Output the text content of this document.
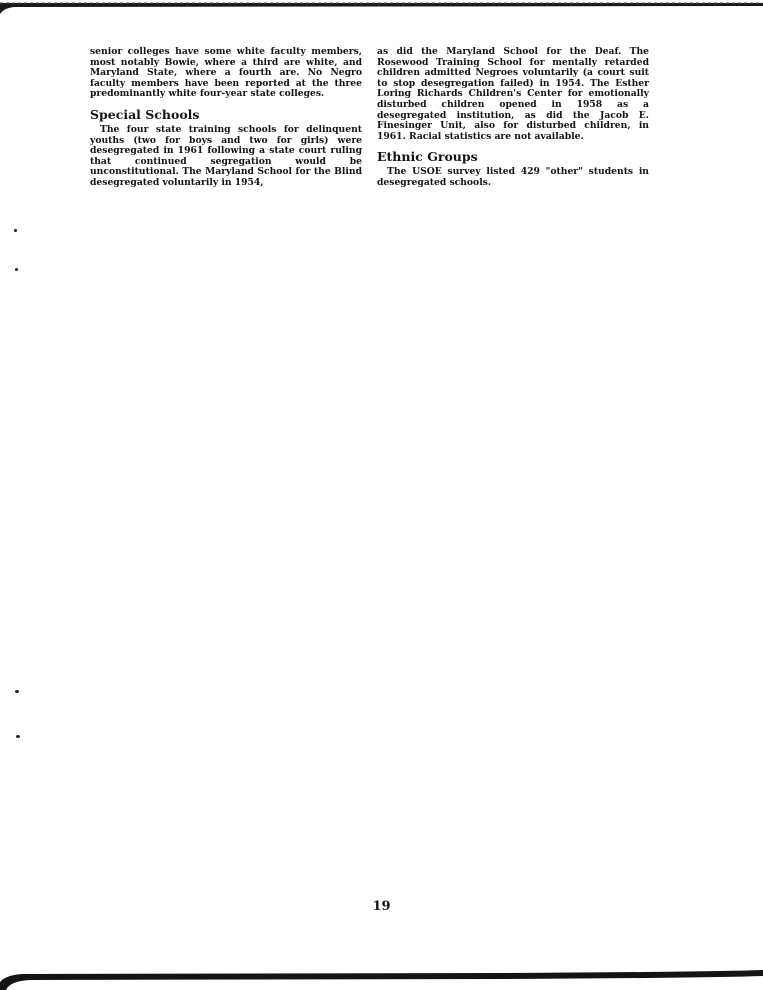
senior colleges have some white faculty members, most notably Bowie, where a third are white, and Maryland State, where a fourth are. No Negro faculty members have been reported at the three predominantly white four-year state colleges.

Special Schools

The four state training schools for delinquent youths (two for boys and two for girls) were desegregated in 1961 following a state court ruling that continued segregation would be unconstitutional. The Maryland School for the Blind desegregated voluntarily in 1954,

as did the Maryland School for the Deaf. The Rosewood Training School for mentally retarded children admitted Negroes voluntarily (a court suit to stop desegregation failed) in 1954. The Esther Loring Richards Children's Center for emotionally disturbed children opened in 1958 as a desegregated institution, as did the Jacob E. Finesinger Unit, also for disturbed children, in 1961. Racial statistics are not available.

Ethnic Groups

The USOE survey listed 429 "other" students in desegregated schools.

19
